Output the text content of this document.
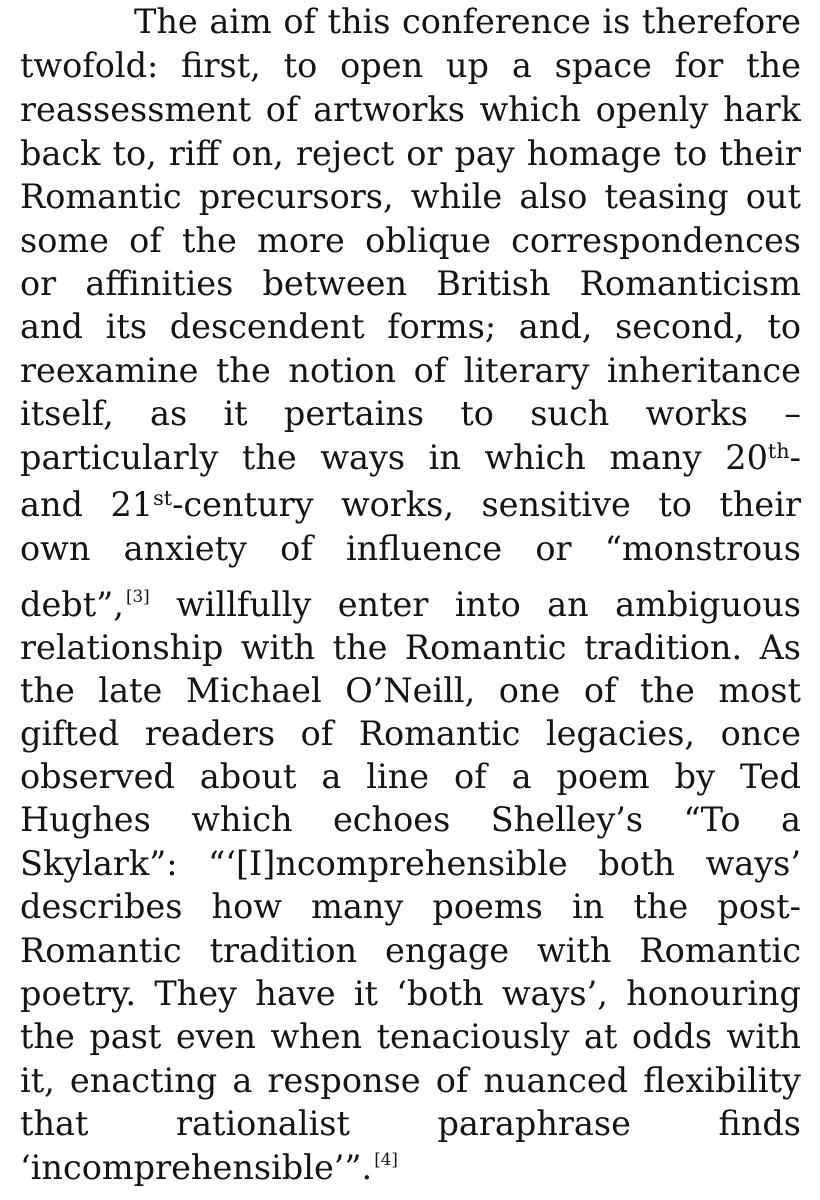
The aim of this conference is therefore
twofold: first, to open up a space for the
reassessment of artworks which openly hark
back to, riff on, reject or pay homage to their
Romantic precursors, while also teasing out
some of the more oblique correspondences
or affinities between British Romanticism
and its descendent forms; and, second, to
reexamine the notion of literary inheritance
itself, as it pertains to such works –
particularly the ways in which many 20th-
and 21st-century works, sensitive to their
own anxiety of influence or “monstrous
debt”, [3] willfully enter into an ambiguous
relationship with the Romantic tradition. As
the late Michael O’Neill, one of the most
gifted readers of Romantic legacies, once
observed about a line of a poem by Ted
Hughes which echoes Shelley’s “To a
Skylark”: “‘[I]ncomprehensible both ways’
describes how many poems in the post-
Romantic tradition engage with Romantic
poetry. They have it ‘both ways’, honouring
the past even when tenaciously at odds with
it, enacting a response of nuanced flexibility
that	rationalist	paraphrase	finds
‘incomprehensible’”. [4]
